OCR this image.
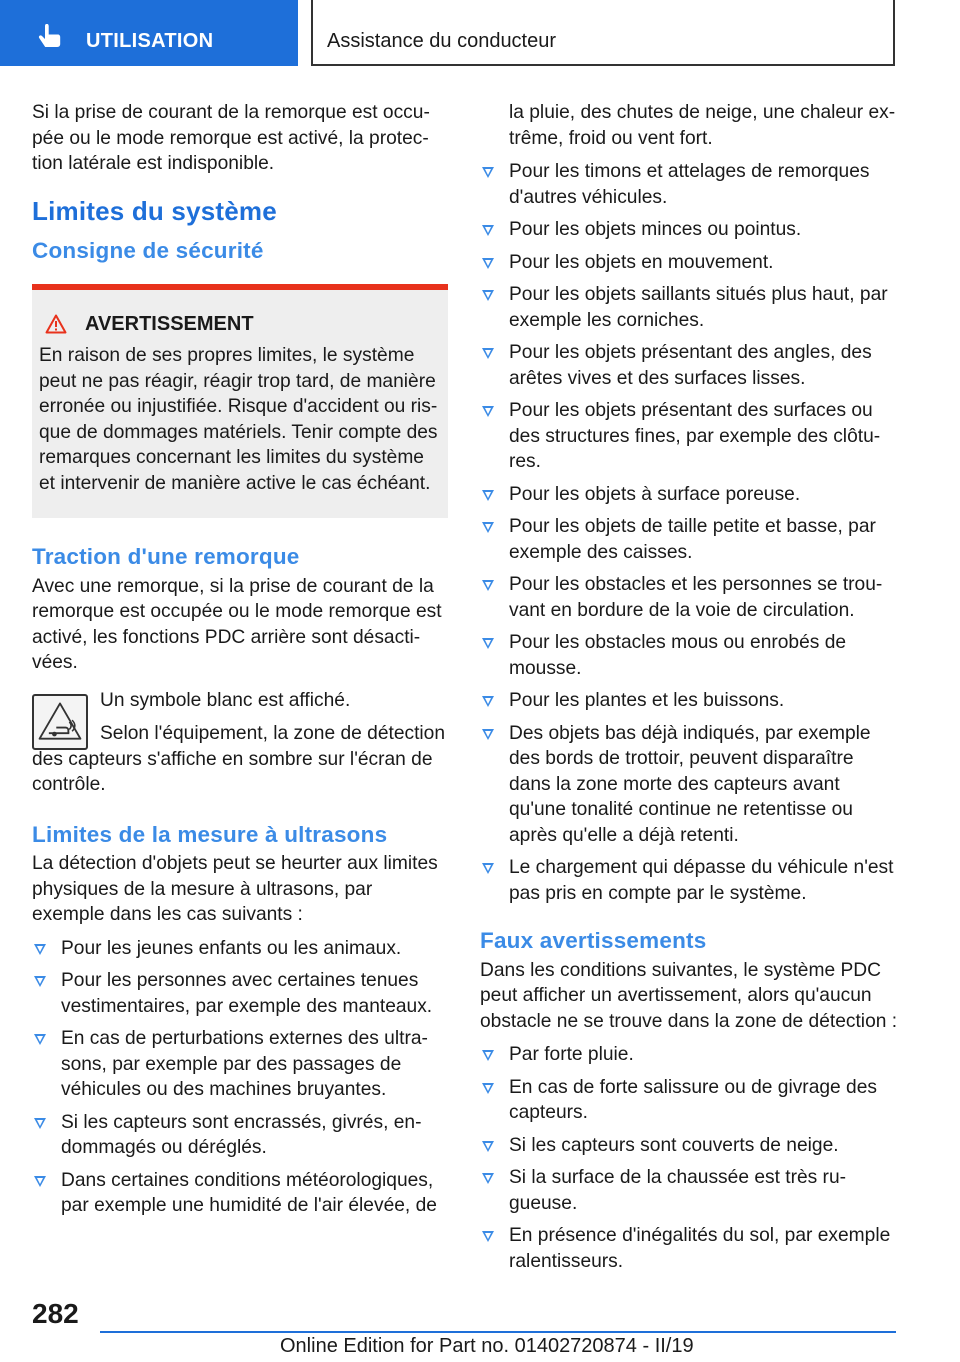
UTILISATION	Assistance du conducteur

Si la prise de courant de la remorque est occupée ou le mode remorque est activé, la protection latérale est indisponible.

Limites du système
Consigne de sécurité
AVERTISSEMENT

En raison de ses propres limites, le système peut ne pas réagir, réagir trop tard, de manière erronée ou injustifiée. Risque d'accident ou risque de dommages matériels. Tenir compte des remarques concernant les limites du système et intervenir de manière active le cas échéant.

Traction d'une remorque

Avec une remorque, si la prise de courant de la remorque est occupée ou le mode remorque est activé, les fonctions PDC arrière sont désactivées.

Un symbole blanc est affiché.

Selon l'équipement, la zone de détection des capteurs s'affiche en sombre sur l'écran de contrôle.

Limites de la mesure à ultrasons

La détection d'objets peut se heurter aux limites physiques de la mesure à ultrasons, par exemple dans les cas suivants :

Pour les jeunes enfants ou les animaux.
Pour les personnes avec certaines tenues vestimentaires, par exemple des manteaux.
En cas de perturbations externes des ultrasons, par exemple par des passages de véhicules ou des machines bruyantes.
Si les capteurs sont encrassés, givrés, endommagés ou déréglés.
Dans certaines conditions météorologiques, par exemple une humidité de l'air élevée, de

la pluie, des chutes de neige, une chaleur extrême, froid ou vent fort.

Pour les timons et attelages de remorques d'autres véhicules.
Pour les objets minces ou pointus.
Pour les objets en mouvement.
Pour les objets saillants situés plus haut, par exemple les corniches.
Pour les objets présentant des angles, des arêtes vives et des surfaces lisses.
Pour les objets présentant des surfaces ou des structures fines, par exemple des clôtures.
Pour les objets à surface poreuse.
Pour les objets de taille petite et basse, par exemple des caisses.
Pour les obstacles et les personnes se trouvant en bordure de la voie de circulation.
Pour les obstacles mous ou enrobés de mousse.
Pour les plantes et les buissons.
Des objets bas déjà indiqués, par exemple des bords de trottoir, peuvent disparaître dans la zone morte des capteurs avant qu'une tonalité continue ne retentisse ou après qu'elle a déjà retenti.
Le chargement qui dépasse du véhicule n'est pas pris en compte par le système.
Faux avertissements

Dans les conditions suivantes, le système PDC peut afficher un avertissement, alors qu'aucun obstacle ne se trouve dans la zone de détection :

Par forte pluie.
En cas de forte salissure ou de givrage des capteurs.
Si les capteurs sont couverts de neige.
Si la surface de la chaussée est très rugueuse.
En présence d'inégalités du sol, par exemple ralentisseurs.
282
Online Edition for Part no. 01402720874 - II/19
